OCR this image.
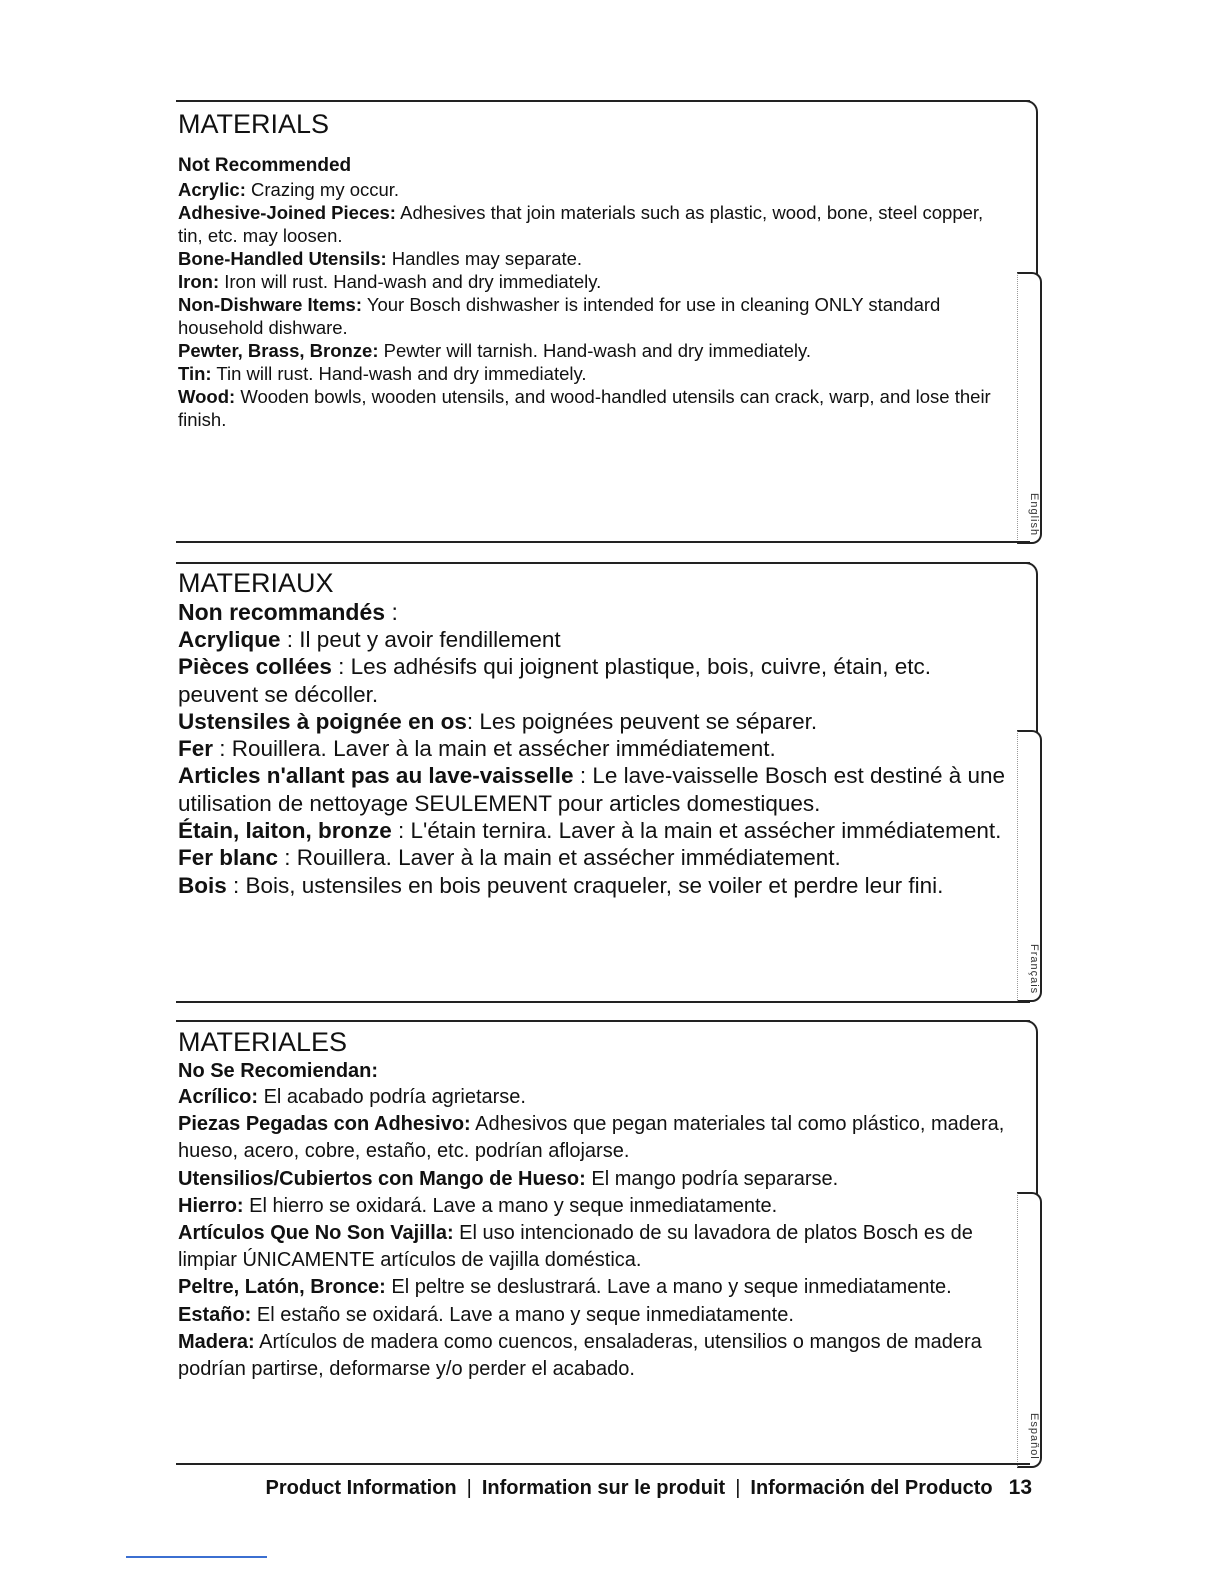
English
MATERIALS

Not Recommended

Acrylic: Crazing my occur.

Adhesive-Joined Pieces: Adhesives that join materials such as plastic, wood, bone, steel copper, tin, etc. may loosen.

Bone-Handled Utensils: Handles may separate.

Iron: Iron will rust. Hand-wash and dry immediately.

Non-Dishware Items: Your Bosch dishwasher is intended for use in cleaning ONLY standard household dishware.

Pewter, Brass, Bronze: Pewter will tarnish. Hand-wash and dry immediately.

Tin: Tin will rust. Hand-wash and dry immediately.

Wood: Wooden bowls, wooden utensils, and wood-handled utensils can crack, warp, and lose their finish.

Français
MATERIAUX

Non recommandés :

Acrylique : Il peut y avoir fendillement

Pièces collées : Les adhésifs qui joignent plastique, bois, cuivre, étain, etc. peuvent se décoller.

Ustensiles à poignée en os: Les poignées peuvent se séparer.

Fer : Rouillera. Laver à la main et assécher immédiatement.

Articles n'allant pas au lave-vaisselle : Le lave-vaisselle Bosch est destiné à une utilisation de nettoyage SEULEMENT pour articles domestiques.

Étain, laiton, bronze : L'étain ternira. Laver à la main et assécher immédiatement.

Fer blanc : Rouillera. Laver à la main et assécher immédiatement.

Bois : Bois, ustensiles en bois peuvent craqueler, se voiler et perdre leur fini.

Español
MATERIALES

No Se Recomiendan:

Acrílico: El acabado podría agrietarse.

Piezas Pegadas con Adhesivo: Adhesivos que pegan materiales tal como plástico, madera, hueso, acero, cobre, estaño, etc. podrían aflojarse.

Utensilios/Cubiertos con Mango de Hueso: El mango podría separarse.

Hierro: El hierro se oxidará. Lave a mano y seque inmediatamente.

Artículos Que No Son Vajilla: El uso intencionado de su lavadora de platos Bosch es de limpiar ÚNICAMENTE artículos de vajilla doméstica.

Peltre, Latón, Bronce: El peltre se deslustrará. Lave a mano y seque inmediatamente.

Estaño: El estaño se oxidará. Lave a mano y seque inmediatamente.

Madera: Artículos de madera como cuencos, ensaladeras, utensilios o mangos de madera podrían partirse, deformarse y/o perder el acabado.

Product Information | Information sur le produit | Información del Producto 13
